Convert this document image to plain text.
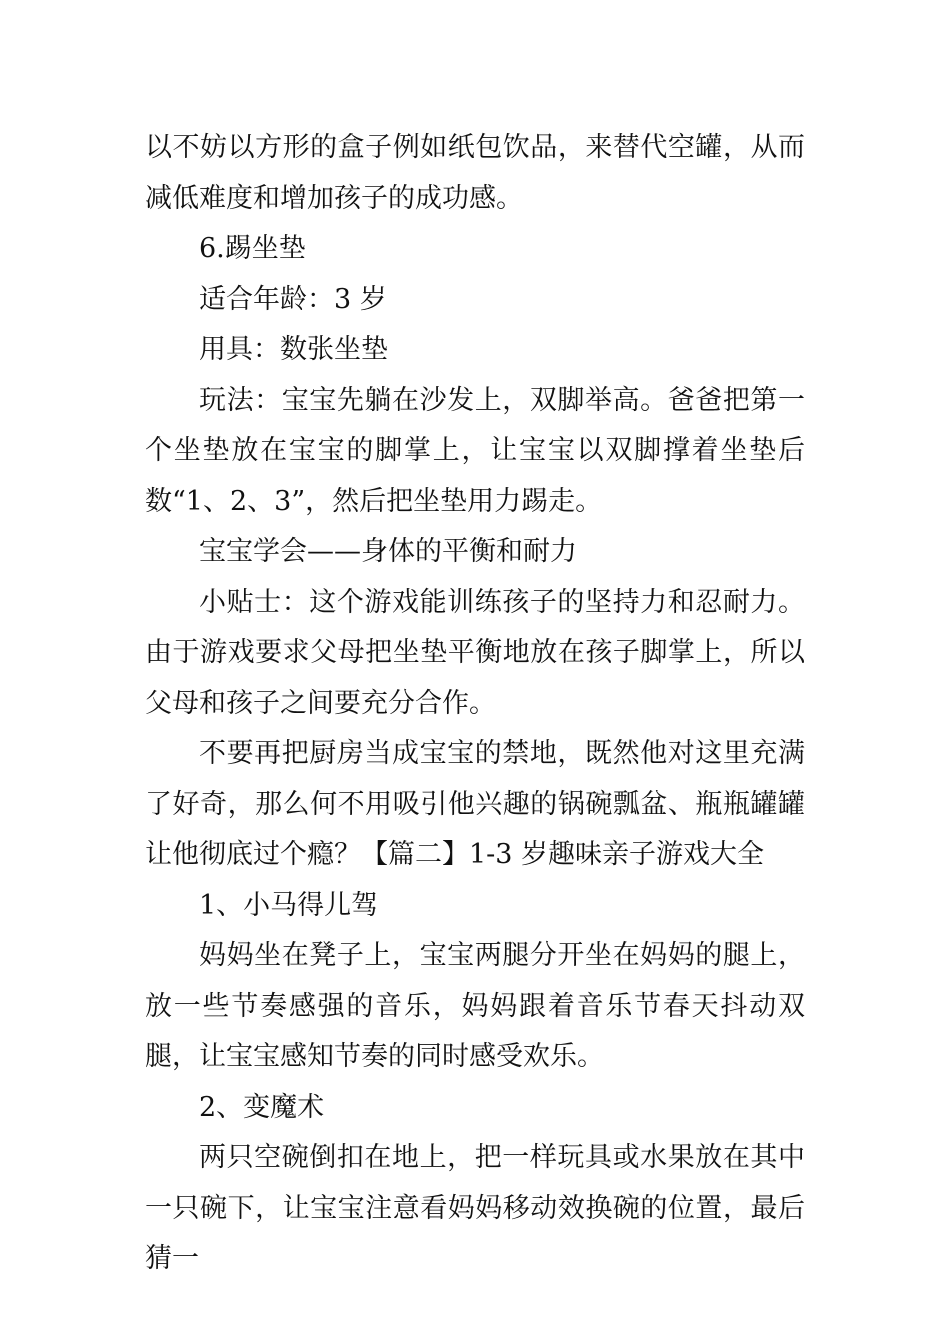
以不妨以方形的盒子例如纸包饮品，来替代空罐，从而减低难度和增加孩子的成功感。

6.踢坐垫

适合年龄：3 岁

用具：数张坐垫

玩法：宝宝先躺在沙发上，双脚举高。爸爸把第一个坐垫放在宝宝的脚掌上，让宝宝以双脚撑着坐垫后数“1、2、3”，然后把坐垫用力踢走。

宝宝学会——身体的平衡和耐力

小贴士：这个游戏能训练孩子的坚持力和忍耐力。由于游戏要求父母把坐垫平衡地放在孩子脚掌上，所以父母和孩子之间要充分合作。

不要再把厨房当成宝宝的禁地，既然他对这里充满了好奇，那么何不用吸引他兴趣的锅碗瓢盆、瓶瓶罐罐让他彻底过个瘾？【篇二】1-3 岁趣味亲子游戏大全

1、小马得儿驾

妈妈坐在凳子上，宝宝两腿分开坐在妈妈的腿上，放一些节奏感强的音乐，妈妈跟着音乐节春天抖动双腿，让宝宝感知节奏的同时感受欢乐。

2、变魔术

两只空碗倒扣在地上，把一样玩具或水果放在其中一只碗下，让宝宝注意看妈妈移动效换碗的位置，最后猜一
